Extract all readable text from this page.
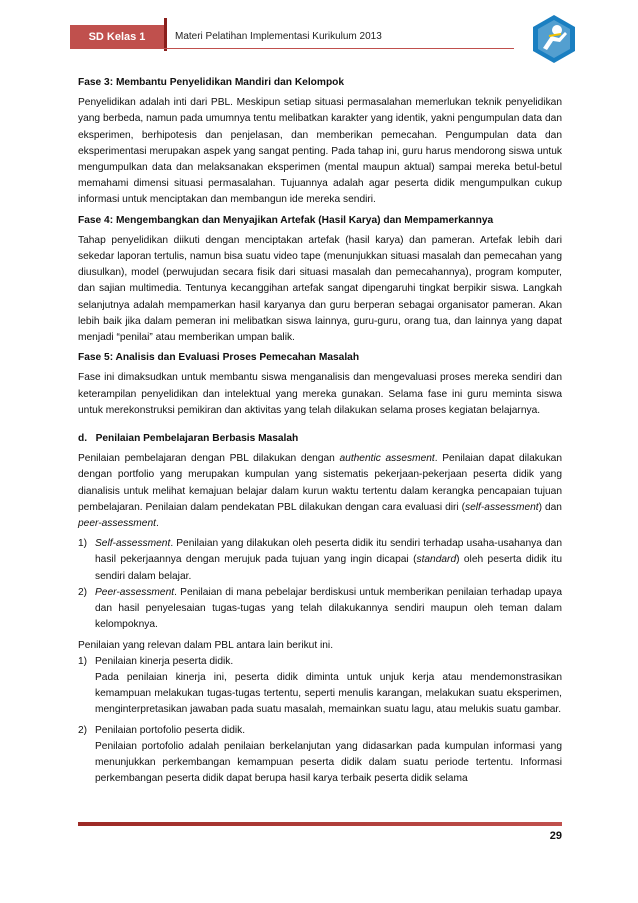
SD Kelas 1	Materi Pelatihan Implementasi Kurikulum 2013

Fase 3: Membantu Penyelidikan Mandiri dan Kelompok

Penyelidikan adalah inti dari PBL. Meskipun setiap situasi permasalahan memerlukan teknik penyelidikan yang berbeda, namun pada umumnya tentu melibatkan karakter yang identik, yakni pengumpulan data dan eksperimen, berhipotesis dan penjelasan, dan memberikan pemecahan. Pengumpulan data dan eksperimentasi merupakan aspek yang sangat penting. Pada tahap ini, guru harus mendorong siswa untuk mengumpulkan data dan melaksanakan eksperimen (mental maupun aktual) sampai mereka betul-betul memahami dimensi situasi permasalahan. Tujuannya adalah agar peserta didik mengumpulkan cukup informasi untuk menciptakan dan membangun ide mereka sendiri.

Fase 4: Mengembangkan dan Menyajikan Artefak (Hasil Karya) dan Mempamerkannya

Tahap penyelidikan diikuti dengan menciptakan artefak (hasil karya) dan pameran. Artefak lebih dari sekedar laporan tertulis, namun bisa suatu video tape (menunjukkan situasi masalah dan pemecahan yang diusulkan), model (perwujudan secara fisik dari situasi masalah dan pemecahannya), program komputer, dan sajian multimedia. Tentunya kecanggihan artefak sangat dipengaruhi tingkat berpikir siswa. Langkah selanjutnya adalah mempamerkan hasil karyanya dan guru berperan sebagai organisator pameran. Akan lebih baik jika dalam pemeran ini melibatkan siswa lainnya, guru-guru, orang tua, dan lainnya yang dapat menjadi “penilai” atau memberikan umpan balik.

Fase 5: Analisis dan Evaluasi Proses Pemecahan Masalah

Fase ini dimaksudkan untuk membantu siswa menganalisis dan mengevaluasi proses mereka sendiri dan keterampilan penyelidikan dan intelektual yang mereka gunakan. Selama fase ini guru meminta siswa untuk merekonstruksi pemikiran dan aktivitas yang telah dilakukan selama proses kegiatan belajarnya.

d. Penilaian Pembelajaran Berbasis Masalah

Penilaian pembelajaran dengan PBL dilakukan dengan authentic assesment. Penilaian dapat dilakukan dengan portfolio yang merupakan kumpulan yang sistematis pekerjaan-pekerjaan peserta didik yang dianalisis untuk melihat kemajuan belajar dalam kurun waktu tertentu dalam kerangka pencapaian tujuan pembelajaran. Penilaian dalam pendekatan PBL dilakukan dengan cara evaluasi diri (self-assessment) dan peer-assessment.

1) Self-assessment. Penilaian yang dilakukan oleh peserta didik itu sendiri terhadap usaha-usahanya dan hasil pekerjaannya dengan merujuk pada tujuan yang ingin dicapai (standard) oleh peserta didik itu sendiri dalam belajar.
2) Peer-assessment. Penilaian di mana pebelajar berdiskusi untuk memberikan penilaian terhadap upaya dan hasil penyelesaian tugas-tugas yang telah dilakukannya sendiri maupun oleh teman dalam kelompoknya.

Penilaian yang relevan dalam PBL antara lain berikut ini.

1) Penilaian kinerja peserta didik.
Pada penilaian kinerja ini, peserta didik diminta untuk unjuk kerja atau mendemonstrasikan kemampuan melakukan tugas-tugas tertentu, seperti menulis karangan, melakukan suatu eksperimen, menginterpretasikan jawaban pada suatu masalah, memainkan suatu lagu, atau melukis suatu gambar.
2) Penilaian portofolio peserta didik.
Penilaian portofolio adalah penilaian berkelanjutan yang didasarkan pada kumpulan informasi yang menunjukkan perkembangan kemampuan peserta didik dalam suatu periode tertentu. Informasi perkembangan peserta didik dapat berupa hasil karya terbaik peserta didik selama
29
